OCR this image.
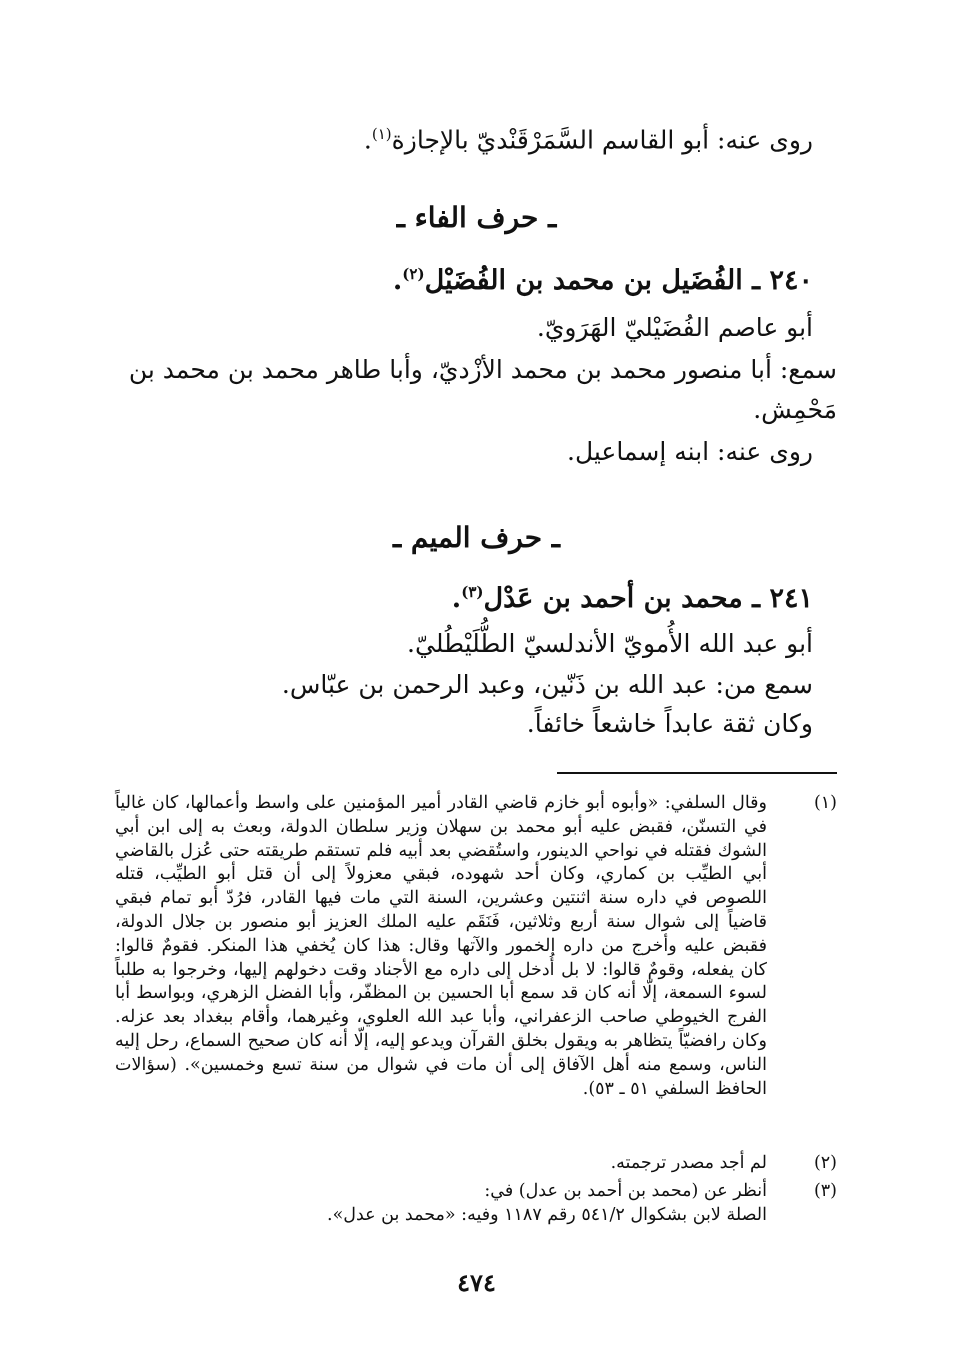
روى عنه: أبو القاسم السَّمَرْقَنْديّ بالإجازة$^{(١)}$.
ـ حرف الفاء ـ
٢٤٠ ـ الفُضَيل بن محمد بن الفُضَيْل$^{(٢)}$.
أبو عاصم الفُضَيْليّ الهَرَويّ.
سمع: أبا منصور محمد بن محمد الأزْديّ، وأبا طاهر محمد بن محمد بن
مَحْمِش.
روى عنه: ابنه إسماعيل.
ـ حرف الميم ـ
٢٤١ ـ محمد بن أحمد بن عَدْل$^{(٣)}$.
أبو عبد الله الأُمويّ الأندلسيّ الطُّلَيْطُليّ.
سمع من: عبد الله بن ذَنّين، وعبد الرحمن بن عبّاس.
وكان ثقة عابداً خاشعاً خائفاً.
(١)
وقال السلفي: «وأبوه أبو خازم قاضي القادر أمير المؤمنين على واسط وأعمالها، كان غالياً في التسنّن، فقبض عليه أبو محمد بن سهلان وزير سلطان الدولة، وبعث به إلى ابن أبي الشوك فقتله في نواحي الدينور، واستُقضي بعد أبيه فلم تستقم طريقته حتى عُزل بالقاضي أبي الطيِّب بن كماري، وكان أحد شهوده، فبقي معزولاً إلى أن قتل أبو الطيِّب، قتله اللصوص في داره سنة اثنتين وعشرين، السنة التي مات فيها القادر، فرُدّ أبو تمام فبقي قاضياً إلى شوال سنة أربع وثلاثين، فَنَقَم عليه الملك العزيز أبو منصور بن جلال الدولة، فقبض عليه وأخرج من داره الخمور والآتها وقال: هذا كان يُخفي هذا المنكر. فقومٌ قالوا: كان يفعله، وقومٌ قالوا: لا بل أُدخل إلى داره مع الأجناد وقت دخولهم إليها، وخرجوا به طلباً لسوء السمعة، إلّا أنه كان قد سمع أبا الحسين بن المظفّر، وأبا الفضل الزهري، وبواسط أبا الفرج الخيوطي صاحب الزعفراني، وأبا عبد الله العلوي، وغيرهما، وأقام ببغداد بعد عزله. وكان رافضيّاً يتظاهر به ويقول بخلق القرآن ويدعو إليه، إلّا أنه كان صحيح السماع، رحل إليه الناس، وسمع منه أهل الآفاق إلى أن مات في شوال من سنة تسع وخمسين». (سؤالات الحافظ السلفي ٥١ ـ ٥٣).
(٢)
لم أجد مصدر ترجمته.
(٣)
أنظر عن (محمد بن أحمد بن عدل) في:
الصلة لابن بشكوال ٥٤١/٢ رقم ١١٨٧ وفيه: «محمد بن عدل».
٤٧٤
